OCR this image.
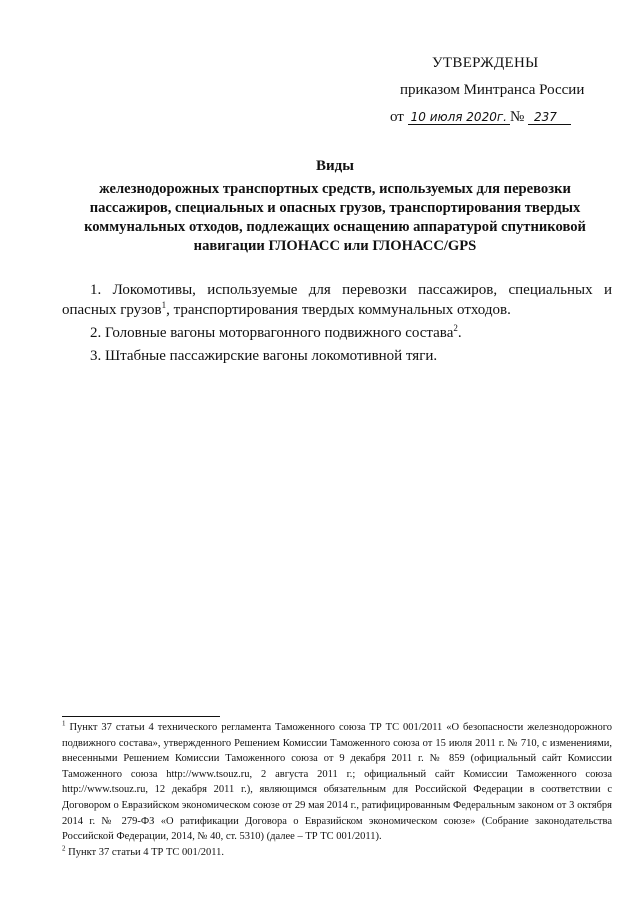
УТВЕРЖДЕНЫ
приказом Минтранса России
от 10 июля 2020г. № 237
Виды
железнодорожных транспортных средств, используемых для перевозки пассажиров, специальных и опасных грузов, транспортирования твердых коммунальных отходов, подлежащих оснащению аппаратурой спутниковой навигации ГЛОНАСС или ГЛОНАСС/GPS

1. Локомотивы, используемые для перевозки пассажиров, специальных и опасных грузов$^1$, транспортирования твердых коммунальных отходов.

2. Головные вагоны моторвагонного подвижного состава$^2$.

3. Штабные пассажирские вагоны локомотивной тяги.

$^1$ Пункт 37 статьи 4 технического регламента Таможенного союза ТР ТС 001/2011 «О безопасности железнодорожного подвижного состава», утвержденного Решением Комиссии Таможенного союза от 15 июля 2011 г. № 710, с изменениями, внесенными Решением Комиссии Таможенного союза от 9 декабря 2011 г. № 859 (официальный сайт Комиссии Таможенного союза http://www.tsouz.ru, 2 августа 2011 г.; официальный сайт Комиссии Таможенного союза http://www.tsouz.ru, 12 декабря 2011 г.), являющимся обязательным для Российской Федерации в соответствии с Договором о Евразийском экономическом союзе от 29 мая 2014 г., ратифицированным Федеральным законом от 3 октября 2014 г. № 279-ФЗ «О ратификации Договора о Евразийском экономическом союзе» (Собрание законодательства Российской Федерации, 2014, № 40, ст. 5310) (далее – ТР ТС 001/2011).

$^2$ Пункт 37 статьи 4 ТР ТС 001/2011.
